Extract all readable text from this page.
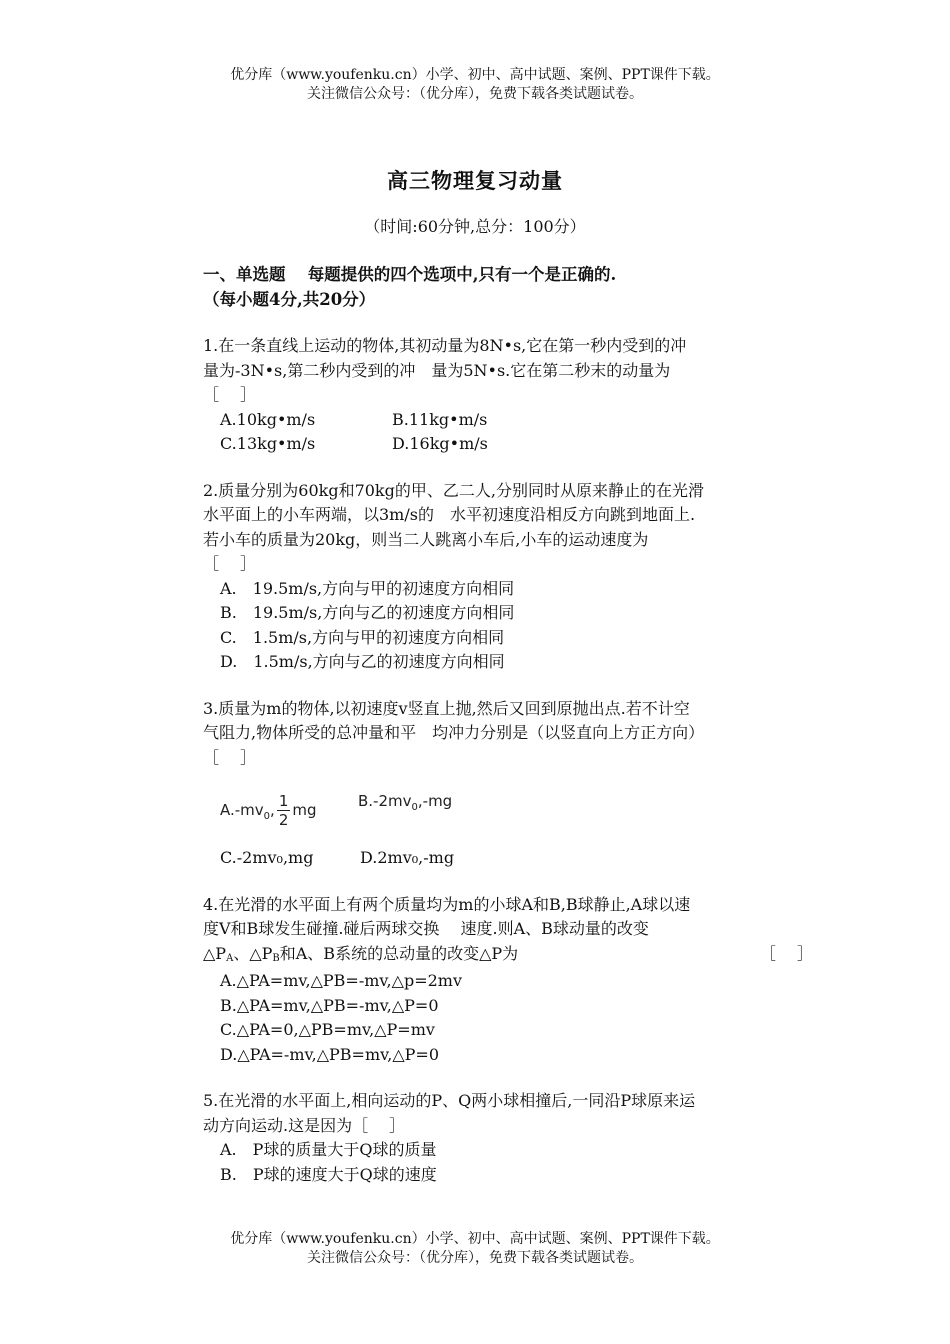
优分库（www.youfenku.cn）小学、初中、高中试题、案例、PPT课件下载。
关注微信公众号：（优分库），免费下载各类试题试卷。
高三物理复习动量
（时间:60分钟,总分：100分）
一、单选题　 每题提供的四个选项中,只有一个是正确的.
（每小题4分,共20分）
1.在一条直线上运动的物体,其初动量为8N•s,它在第一秒内受到的冲
量为-3N•s,第二秒内受到的冲　量为5N•s.它在第二秒末的动量为
［　 ］
A.10kg•m/s	B.11kg•m/s
C.13kg•m/s	D.16kg•m/s
2.质量分别为60kg和70kg的甲、乙二人,分别同时从原来静止的在光滑
水平面上的小车两端，以3m/s的　水平初速度沿相反方向跳到地面上.
若小车的质量为20kg，则当二人跳离小车后,小车的运动速度为
［　 ］
A.　19.5m/s,方向与甲的初速度方向相同
B.　19.5m/s,方向与乙的初速度方向相同
C.　1.5m/s,方向与甲的初速度方向相同
D.　1.5m/s,方向与乙的初速度方向相同
3.质量为m的物体,以初速度v竖直上抛,然后又回到原抛出点.若不计空
气阻力,物体所受的总冲量和平　均冲力分别是（以竖直向上方正方向）
［　 ］
$A.-mv_0$, $\frac{1}{2}$ mg	$B.-2mv_0,-mg$
C.-2mv₀,mg	D.2mv₀,-mg
4.在光滑的水平面上有两个质量均为m的小球A和B,B球静止,A球以速
度V和B球发生碰撞.碰后两球交换　 速度.则A、B球动量的改变
$\triangle P_A$、$\triangle P_B$和A、B系统的总动量的改变△P为	［　 ］
A.△PA=mv,△PB=-mv,△p=2mv
B.△PA=mv,△PB=-mv,△P=0
C.△PA=0,△PB=mv,△P=mv
D.△PA=-mv,△PB=mv,△P=0
5.在光滑的水平面上,相向运动的P、Q两小球相撞后,一同沿P球原来运
动方向运动.这是因为［　 ］
A.　P球的质量大于Q球的质量
B.　P球的速度大于Q球的速度
优分库（www.youfenku.cn）小学、初中、高中试题、案例、PPT课件下载。
关注微信公众号：（优分库），免费下载各类试题试卷。
